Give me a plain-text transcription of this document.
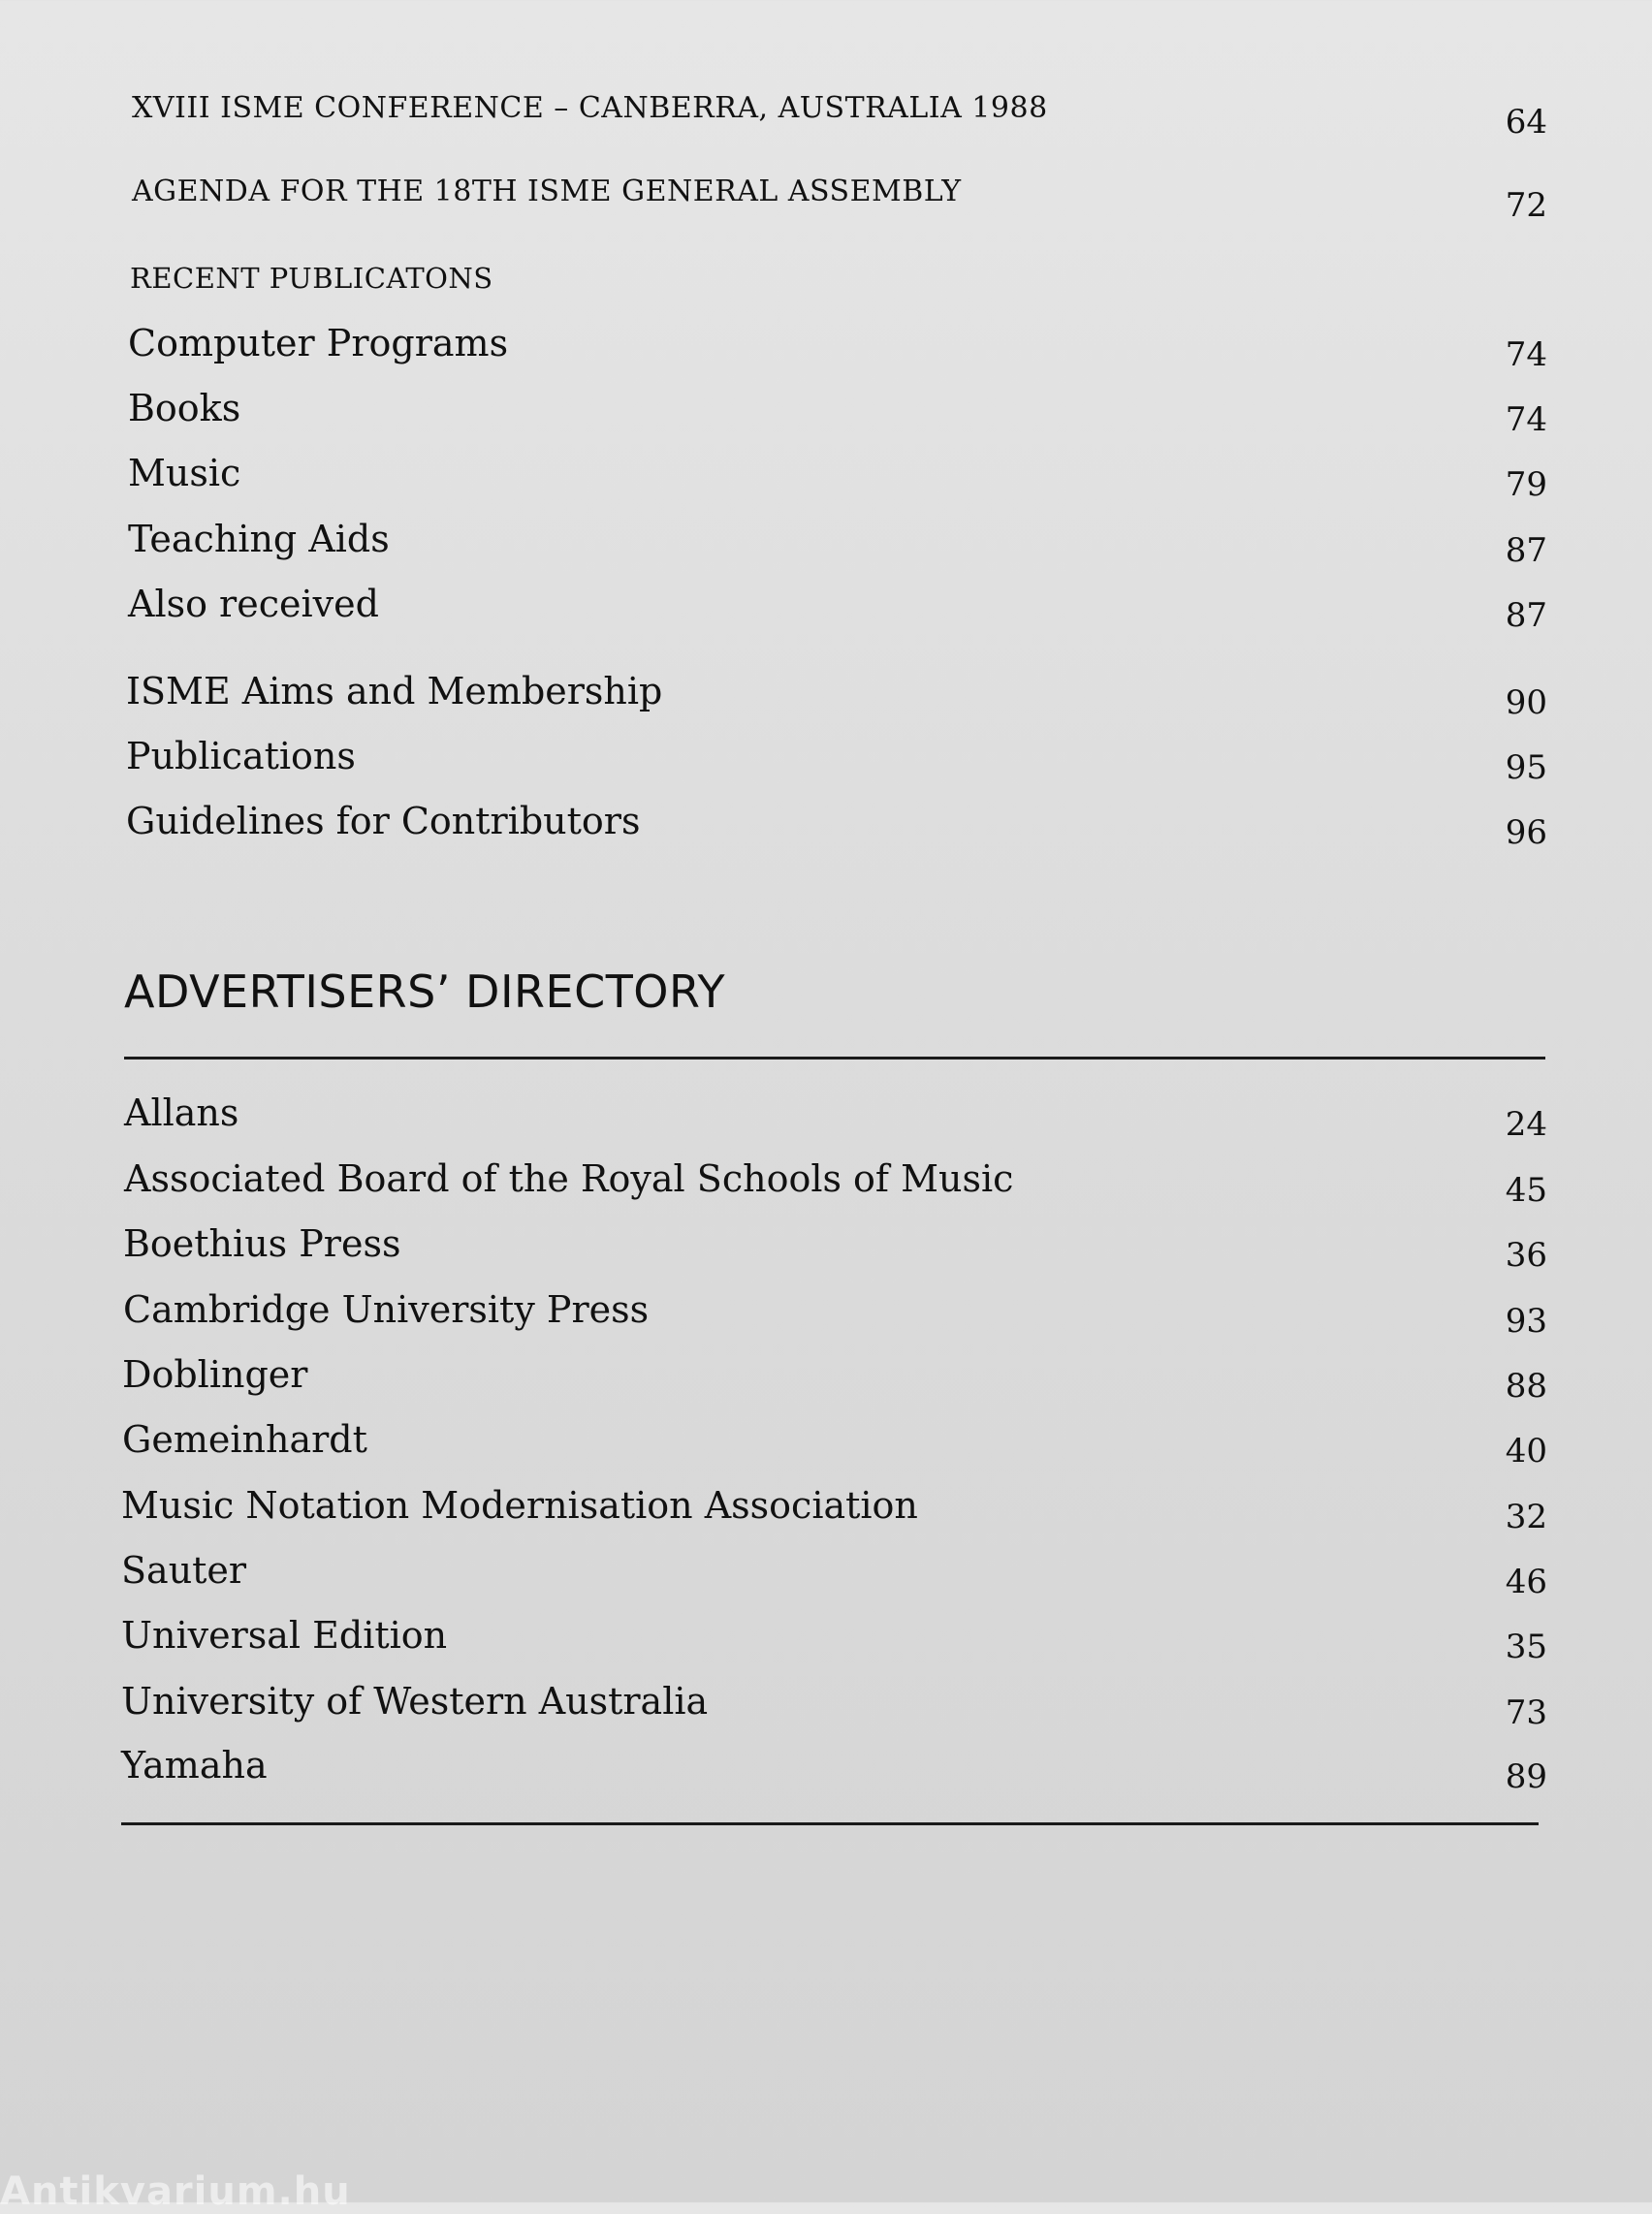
XVIII ISME CONFERENCE – CANBERRA, AUSTRALIA 1988	64
AGENDA FOR THE 18TH ISME GENERAL ASSEMBLY	72
RECENT PUBLICATONS
Computer Programs	74
Books	74
Music	79
Teaching Aids	87
Also received	87
ISME Aims and Membership	90
Publications	95
Guidelines for Contributors	96
ADVERTISERS’ DIRECTORY
Allans	24
Associated Board of the Royal Schools of Music	45
Boethius Press	36
Cambridge University Press	93
Doblinger	88
Gemeinhardt	40
Music Notation Modernisation Association	32
Sauter	46
Universal Edition	35
University of Western Australia	73
Yamaha	89
Antikvarium.hu
